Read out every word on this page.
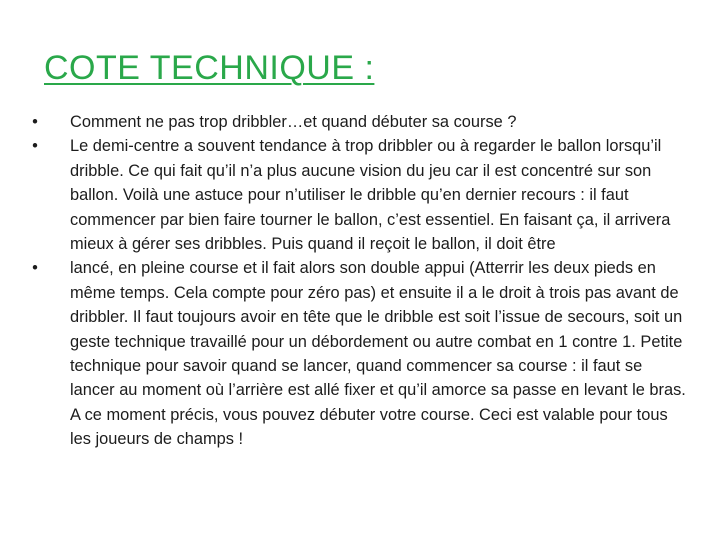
COTE TECHNIQUE :
• Comment ne pas trop dribbler…et quand débuter sa course ?
• Le demi-centre a souvent tendance à trop dribbler ou à regarder le ballon lorsqu’il dribble. Ce qui fait qu’il n’a plus aucune vision du jeu car il est concentré sur son ballon. Voilà une astuce pour n’utiliser le dribble qu’en dernier recours : il faut commencer par bien faire tourner le ballon, c’est essentiel. En faisant ça, il arrivera mieux à gérer ses dribbles. Puis quand il reçoit le ballon, il doit être
• lancé, en pleine course et il fait alors son double appui (Atterrir les deux pieds en même temps. Cela compte pour zéro pas) et ensuite il a le droit à trois pas avant de dribbler. Il faut toujours avoir en tête que le dribble est soit l’issue de secours, soit un geste technique travaillé pour un débordement ou autre combat en 1 contre 1. Petite technique pour savoir quand se lancer, quand commencer sa course : il faut se lancer au moment où l’arrière est allé fixer et qu’il amorce sa passe en levant le bras. A ce moment précis, vous pouvez débuter votre course. Ceci est valable pour tous les joueurs de champs !
